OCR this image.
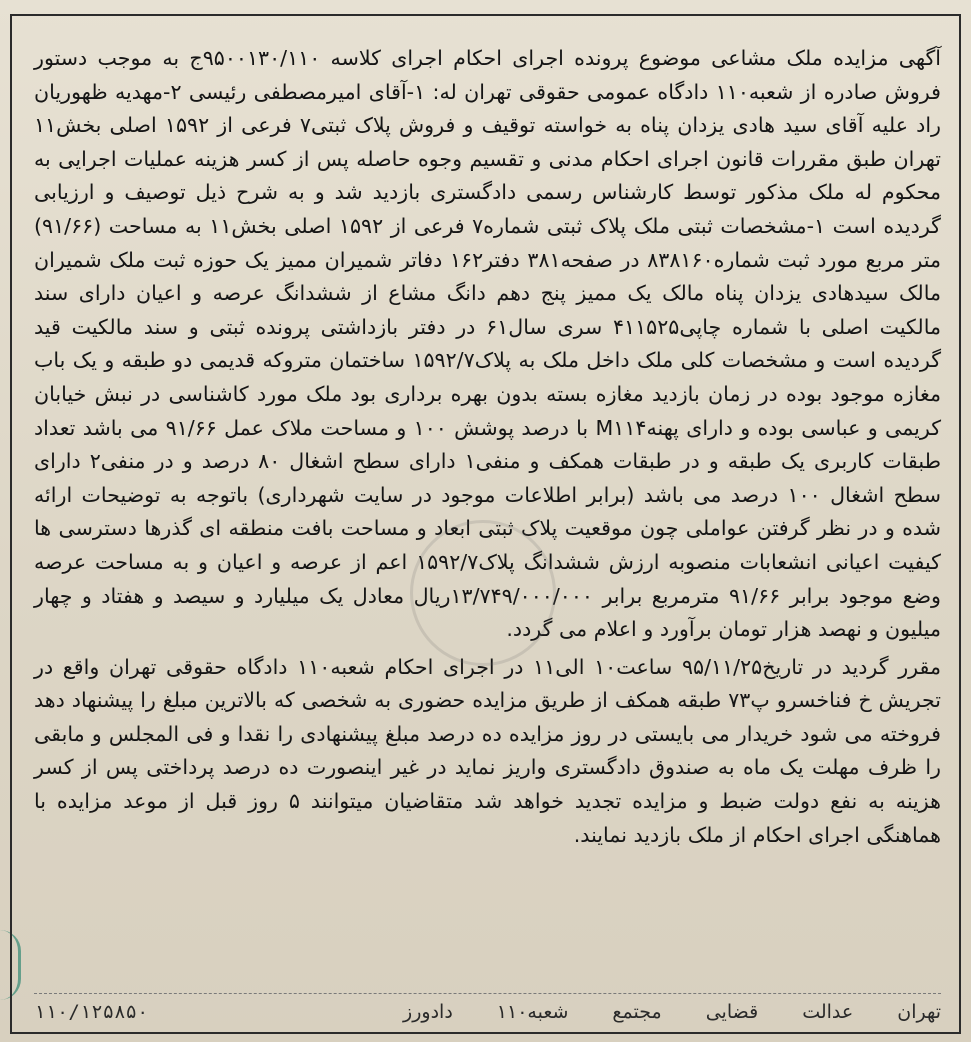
آگهی مزایده ملک مشاعی موضوع پرونده اجرای احکام اجرای کلاسه ۹۵۰۰۱۳۰/۱۱۰ج به موجب دستور فروش صادره از شعبه۱۱۰ دادگاه عمومی حقوقی تهران له: ۱-آقای امیرمصطفی رئیسی ۲-مهدیه ظهوریان راد علیه آقای سید هادی یزدان پناه به خواسته توقیف و فروش پلاک ثبتی۷ فرعی از ۱۵۹۲ اصلی بخش۱۱ تهران طبق مقررات قانون اجرای احکام مدنی و تقسیم وجوه حاصله پس از کسر هزینه عملیات اجرایی به محکوم له ملک مذکور توسط کارشناس رسمی دادگستری بازدید شد و به شرح ذیل توصیف و ارزیابی گردیده است ۱-مشخصات ثبتی ملک پلاک ثبتی شماره۷ فرعی از ۱۵۹۲ اصلی بخش۱۱ به مساحت (۹۱/۶۶) متر مربع مورد ثبت شماره۸۳۸۱۶۰ در صفحه۳۸۱ دفتر۱۶۲ دفاتر شمیران ممیز یک حوزه ثبت ملک شمیران مالک سیدهادی یزدان پناه مالک یک ممیز پنج دهم دانگ مشاع از ششدانگ عرصه و اعیان دارای سند مالکیت اصلی با شماره چاپی۴۱۱۵۲۵ سری سال۶۱ در دفتر بازداشتی پرونده ثبتی و سند مالکیت قید گردیده است و مشخصات کلی ملک داخل ملک به پلاک۱۵۹۲/۷ ساختمان متروکه قدیمی دو طبقه و یک باب مغازه موجود بوده در زمان بازدید مغازه بسته بدون بهره برداری بود ملک مورد کاشناسی در نبش خیابان کریمی و عباسی بوده و دارای پهنهM۱۱۴ با درصد پوشش ۱۰۰ و مساحت ملاک عمل ۹۱/۶۶ می باشد تعداد طبقات کاربری یک طبقه و در طبقات همکف و منفی۱ دارای سطح اشغال ۸۰ درصد و در منفی۲ دارای سطح اشغال ۱۰۰ درصد می باشد (برابر اطلاعات موجود در سایت شهرداری) باتوجه به توضیحات ارائه شده و در نظر گرفتن عواملی چون موقعیت پلاک ثبتی ابعاد و مساحت بافت منطقه ای گذرها دسترسی ها کیفیت اعیانی انشعابات منصوبه ارزش ششدانگ پلاک۱۵۹۲/۷ اعم از عرصه و اعیان و به مساحت عرصه وضع موجود برابر ۹۱/۶۶ مترمربع برابر ۱۳/۷۴۹/۰۰۰/۰۰۰ریال معادل یک میلیارد و سیصد و هفتاد و چهار میلیون و نهصد هزار تومان برآورد و اعلام می گردد.

مقرر گردید در تاریخ۹۵/۱۱/۲۵ ساعت۱۰ الی۱۱ در اجرای احکام شعبه۱۱۰ دادگاه حقوقی تهران واقع در تجریش خ فناخسرو پ۷۳ طبقه همکف از طریق مزایده حضوری به شخصی که بالاترین مبلغ را پیشنهاد دهد فروخته می شود خریدار می بایستی در روز مزایده ده درصد مبلغ پیشنهادی را نقدا و فی المجلس و مابقی را ظرف مهلت یک ماه به صندوق دادگستری واریز نماید در غیر اینصورت ده درصد پرداختی پس از کسر هزینه به نفع دولت ضبط و مزایده تجدید خواهد شد متقاضیان میتوانند ۵ روز قبل از موعد مزایده با هماهنگی اجرای احکام از ملک بازدید نمایند.

تهران
عدالت
قضایی
مجتمع
شعبه۱۱۰
دادورز
۱۱۰/۱۲۵۸۵۰
